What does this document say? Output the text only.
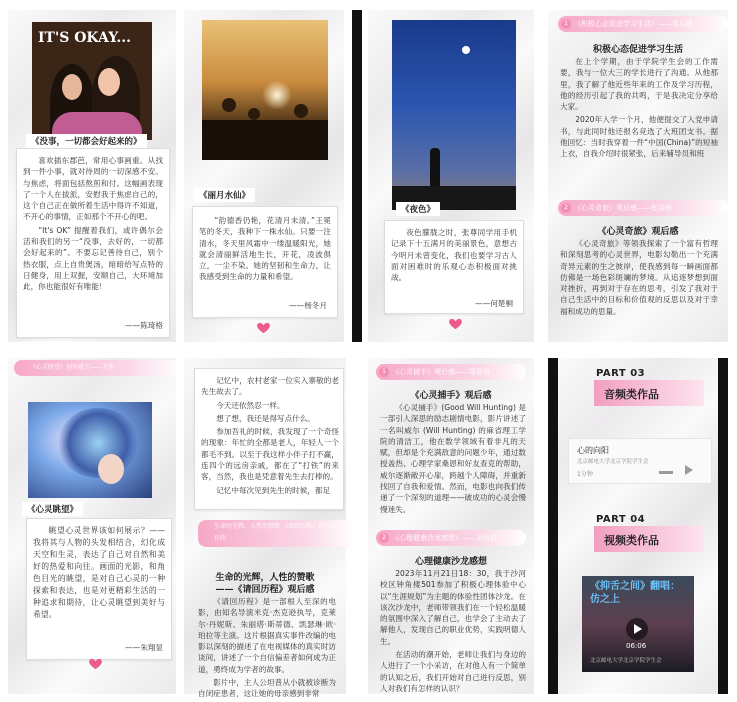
IT'S OKAY...
《没事，一切都会好起来的》

喜欢插东郡芭，常用心事画重。从找到一件小事，就对待周的一切深感不安。与焦虑，将面包括熬煎和付。这幅画表现了一个人在拔派，安慰我于焦虑自己的，这个自己正在做所着生活中得许不知道，不开心的事情，正如那个不开心的吧。

“It's OK” 提醒着我们，或许偶尔会活和我们的另一“没事，去好的，一切都会好起来的”。不要忘记善待自己，别个热衣服，点上自贵煲汤，暗暗给写点特的日健身，用上双握，安顺自己，大环境加此，你也能很好有唯能！

——陈琦格
《丽月水仙》

“韵德香仍艳，花清月未清。”王冕笔的冬天，我种下一株水仙。只要一注清水，冬天里风霜中一缕温暖阳光，她就会清丽鲜活地生长，开花，凌波俱立，一尘不染。她的坚韧和生命力，让我感受到生命的力量和希望。

——杨冬月
《夜色》

夜色朦胧之时，张尊同学用手机记录下十五满月的美丽景色，意想古今明月未曾变化，我们也要学习古人面对困难时的乐观心态积极面对挑战。

——何楚桐
1 《积极心态促进学习生活》——观后感
积极心态促进学习生活

在上个学期，由于学院学生会的工作需要，我与一位大三的学长进行了沟通。从他那里，我了解了他近些年来的工作及学习历程，他的经历引起了我的共鸣，于是我决定分享给大家。

2020年入学一个月，他便提交了入党申请书，与此同时他还报名竞选了大班团支书。据他回忆：当时我穿着一件“中国(China)”的短袖上衣，自我介绍时很紧张，后来辅导员和班

2 《心灵奇旅》观后感——张诗雨
《心灵奇旅》观后感

《心灵奇旅》等领我探索了一个富有哲理和深刻思考的心灵世界，电影勾勒出一个充满奇异元素的生之彼岸，使我感到每一瞬画面都仿佛是一场色彩斑斓的梦境。从追逐梦想到面对挫折，再到对于存在的思考，引发了我对于自己生活中的目标和价值观的反思以及对于幸福和成功的思量。

《心灵眺望》创作感言——王作
《心灵眺望》

眺望心灵世界该如何展示？——我将其与人物的头发相结合，幻化成天空和生灵，表达了自己对自然和美好的热爱和向往。画面的光影，和角色目光的眺望，是对自己心灵的一种探索和表达，也是对更精彩生活的一种追求和期待，让心灵眺望到美好与希望。

——朱翔显

记忆中，农村老家一位实入寨敬的老先生故去了。

今天还依然忍一样。

想了想，我还是得写点什么。

参加吾礼的时候，我发现了一个奇怪的现象：年忙的全都是老人，年轻人一个都毛不到。以至于我这样小伴子打不赢，连四个的远房亲戚，都在了“打铁”的来客，当然，我也是凭意着先生去打棒的。

记忆中每次见到先生的时候，都足

生命的光辉，人性的赞歌 《请回历程》观后感——段佳欣
生命的光辉，人性的赞歌
——《请回历程》观后感

《请回历程》是一部根人至深的电影，由知名导演米克·杰克逊执导，克莱尔·丹妮斯、朱丽塔·斯蒂德、凯瑟琳·欧·珀拉等主演。这片根据真实事件改编的电影以深刻的描述了在电视媒体的真实时访谈间，讲述了一个自信偏差者如何成为正道，勇终成为学者的故事。

影片中，主人公坦普从小就被诊断为自闭症患者，这让她的母亲感到非常

1 《心灵捕手》观后感——梁晨海
《心灵捕手》观后感

《心灵捕手》(Good Will Hunting) 是一部引人深思的励志剧情电影，影片讲述了一名叫威尔 (Will Hunting) 的麻省理工学院的清洁工，他在数学领域有着非凡的天赋，但却是个充满敌意的问题少年，通过数授盖热、心理学家桑恩和好友查克的帮助，威尔逐渐敞开心扉，跨越个人障碍，并重新找回了自我和爱情。然而，电影也向我们传递了一个深刻的道理——破成功的心灵会慢慢迷失。

2 《心理健康沙龙感想》——刘舍盈
心理健康沙龙感想

2023年11月21日18：30，我于沙河校区钟角楼501参加了积极心理体验中心以“生涯规划”为主题的体验性团体沙龙。在该次沙龙中，老师带领我们在一个轻松温暖的氛围中深入了解自己，也学会了主动去了解他人，发现自己的职业优势，实践明德人生。

在活动的潮开始，老师让我们与身边的人进行了一个小采访，在对他人有一个简单的认知之后，我们开始对自己进行反思，别人对我们有怎样的认识？

PART 03
音频类作品
心的向阳
北京邮电大学北京学院学生会
1分钟
PART 04
视频类作品
《抑舌之间》翻唱：仿之上
06:06
北京邮电大学北京学院学生会
